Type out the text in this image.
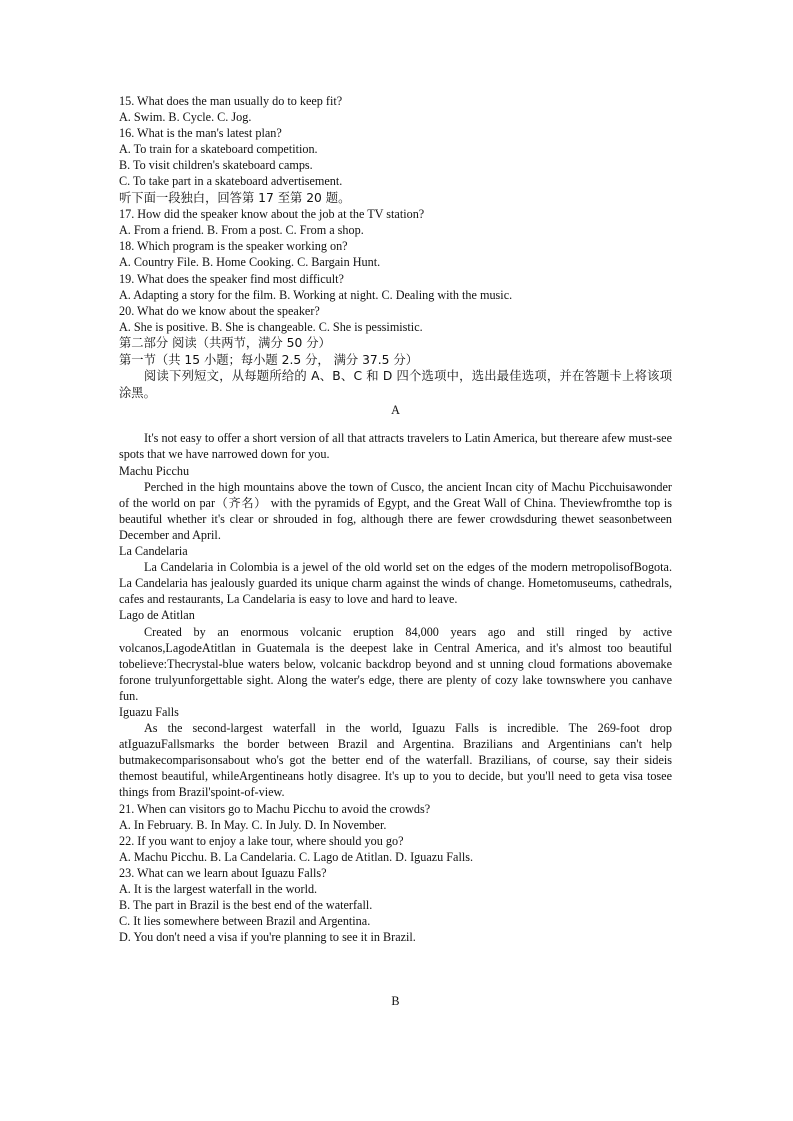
15. What does the man usually do to keep fit?
A. Swim. B. Cycle. C. Jog.
16. What is the man's latest plan?
A. To train for a skateboard competition.
B. To visit children's skateboard camps.
C. To take part in a skateboard advertisement.
听下面一段独白，回答第 17 至第 20 题。
17. How did the speaker know about the job at the TV station?
A. From a friend. B. From a post. C. From a shop.
18. Which program is the speaker working on?
A. Country File. B. Home Cooking. C. Bargain Hunt.
19. What does the speaker find most difficult?
A. Adapting a story for the film. B. Working at night. C. Dealing with the music.
20. What do we know about the speaker?
A. She is positive. B. She is changeable. C. She is pessimistic.
第二部分 阅读（共两节，满分 50 分）
第一节（共 15 小题；每小题 2.5 分， 满分 37.5 分）

阅读下列短文，从每题所给的 A、B、C 和 D 四个选项中，选出最佳选项，并在答题卡上将该项涂黑。

A

It's not easy to offer a short version of all that attracts travelers to Latin America, but thereare afew must-see spots that we have narrowed down for you.

Machu Picchu

Perched in the high mountains above the town of Cusco, the ancient Incan city of Machu Picchuisawonder of the world on par（齐名） with the pyramids of Egypt, and the Great Wall of China. Theviewfromthe top is beautiful whether it's clear or shrouded in fog, although there are fewer crowdsduring thewet seasonbetween December and April.

La Candelaria

La Candelaria in Colombia is a jewel of the old world set on the edges of the modern metropolisofBogota. La Candelaria has jealously guarded its unique charm against the winds of change. Hometomuseums, cathedrals, cafes and restaurants, La Candelaria is easy to love and hard to leave.

Lago de Atitlan

Created by an enormous volcanic eruption 84,000 years ago and still ringed by active volcanos,LagodeAtitlan in Guatemala is the deepest lake in Central America, and it's almost too beautiful tobelieve:Thecrystal-blue waters below, volcanic backdrop beyond and st unning cloud formations abovemake forone trulyunforgettable sight. Along the water's edge, there are plenty of cozy lake townswhere you canhave fun.

Iguazu Falls

As the second-largest waterfall in the world, Iguazu Falls is incredible. The 269-foot drop atIguazuFallsmarks the border between Brazil and Argentina. Brazilians and Argentinians can't help butmakecomparisonsabout who's got the better end of the waterfall. Brazilians, of course, say their sideis themost beautiful, whileArgentineans hotly disagree. It's up to you to decide, but you'll need to geta visa tosee things from Brazil'spoint-of-view.

21. When can visitors go to Machu Picchu to avoid the crowds?
A. In February. B. In May. C. In July. D. In November.
22. If you want to enjoy a lake tour, where should you go?
A. Machu Picchu. B. La Candelaria. C. Lago de Atitlan. D. Iguazu Falls.
23. What can we learn about Iguazu Falls?
A. It is the largest waterfall in the world.
B. The part in Brazil is the best end of the waterfall.
C. It lies somewhere between Brazil and Argentina.
D. You don't need a visa if you're planning to see it in Brazil.
B
